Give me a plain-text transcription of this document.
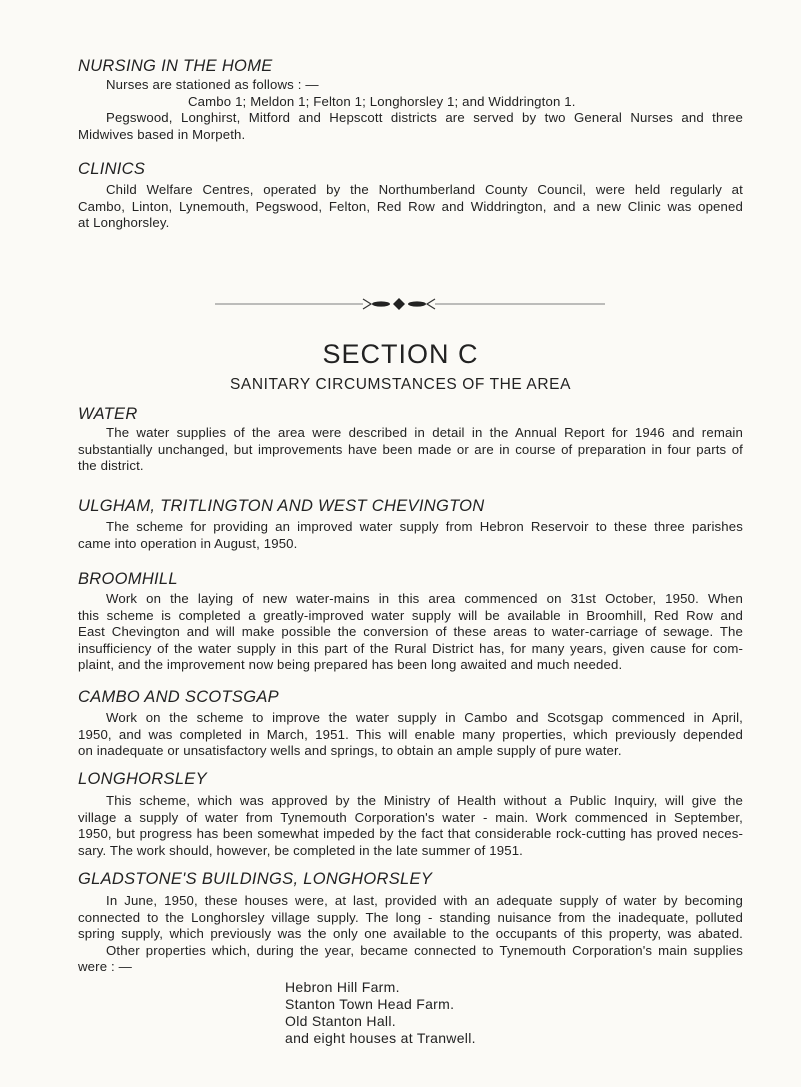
NURSING IN THE HOME
Nurses are stationed as follows : —
Cambo 1; Meldon 1; Felton 1; Longhorsley 1; and Widdrington 1.
Pegswood, Longhirst, Mitford and Hepscott districts are served by two General Nurses and three
Midwives based in Morpeth.
CLINICS
Child Welfare Centres, operated by the Northumberland County Council, were held regularly at
Cambo, Linton, Lynemouth, Pegswood, Felton, Red Row and Widdrington, and a new Clinic was opened
at Longhorsley.
SECTION C
SANITARY CIRCUMSTANCES OF THE AREA
WATER
The water supplies of the area were described in detail in the Annual Report for 1946 and remain
substantially unchanged, but improvements have been made or are in course of preparation in four parts of
the district.
ULGHAM, TRITLINGTON AND WEST CHEVINGTON
The scheme for providing an improved water supply from Hebron Reservoir to these three parishes
came into operation in August, 1950.
BROOMHILL
Work on the laying of new water-mains in this area commenced on 31st October, 1950. When
this scheme is completed a greatly-improved water supply will be available in Broomhill, Red Row and
East Chevington and will make possible the conversion of these areas to water-carriage of sewage. The
insufficiency of the water supply in this part of the Rural District has, for many years, given cause for com-
plaint, and the improvement now being prepared has been long awaited and much needed.
CAMBO AND SCOTSGAP
Work on the scheme to improve the water supply in Cambo and Scotsgap commenced in April,
1950, and was completed in March, 1951. This will enable many properties, which previously depended
on inadequate or unsatisfactory wells and springs, to obtain an ample supply of pure water.
LONGHORSLEY
This scheme, which was approved by the Ministry of Health without a Public Inquiry, will give the
village a supply of water from Tynemouth Corporation's water - main. Work commenced in September,
1950, but progress has been somewhat impeded by the fact that considerable rock-cutting has proved neces-
sary. The work should, however, be completed in the late summer of 1951.
GLADSTONE'S BUILDINGS, LONGHORSLEY
In June, 1950, these houses were, at last, provided with an adequate supply of water by becoming
connected to the Longhorsley village supply. The long - standing nuisance from the inadequate, polluted
spring supply, which previously was the only one available to the occupants of this property, was abated.
Other properties which, during the year, became connected to Tynemouth Corporation's main supplies
were : —
Hebron Hill Farm.
Stanton Town Head Farm.
Old Stanton Hall.
and eight houses at Tranwell.
